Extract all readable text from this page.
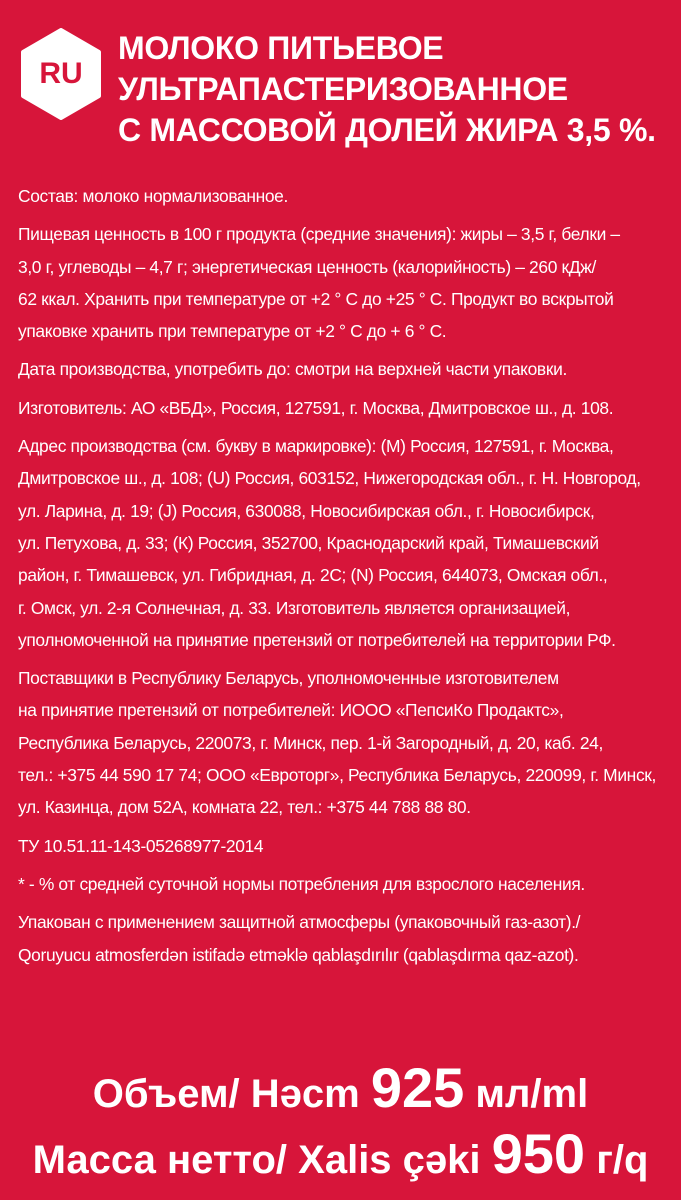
RU
МОЛОКО ПИТЬЕВОЕ
УЛЬТРАПАСТЕРИЗОВАННОЕ
С МАССОВОЙ ДОЛЕЙ ЖИРА 3,5 %.

Состав: молоко нормализованное.

Пищевая ценность в 100 г продукта (средние значения): жиры – 3,5 г, белки –
3,0 г, углеводы – 4,7 г; энергетическая ценность (калорийность) – 260 кДж/
62 ккал. Хранить при температуре от +2 ° С до +25 ° С. Продукт во вскрытой
упаковке хранить при температуре от +2 ° С до + 6 ° С.

Дата производства, употребить до: смотри на верхней части упаковки.

Изготовитель: АО «ВБД», Россия, 127591, г. Москва, Дмитровское ш., д. 108.

Адрес производства (см. букву в маркировке): (М) Россия, 127591, г. Москва,
Дмитровское ш., д. 108; (U) Россия, 603152, Нижегородская обл., г. Н. Новгород,
ул. Ларина, д. 19; (J) Россия, 630088, Новосибирская обл., г. Новосибирск,
ул. Петухова, д. 33; (К) Россия, 352700, Краснодарский край, Тимашевский
район, г. Тимашевск, ул. Гибридная, д. 2С; (N) Россия, 644073, Омская обл.,
г. Омск, ул. 2-я Солнечная, д. 33. Изготовитель является организацией,
уполномоченной на принятие претензий от потребителей на территории РФ.

Поставщики в Республику Беларусь, уполномоченные изготовителем
на принятие претензий от потребителей: ИООО «ПепсиКо Продактс»,
Республика Беларусь, 220073, г. Минск, пер. 1-й Загородный, д. 20, каб. 24,
тел.: +375 44 590 17 74; ООО «Евроторг», Республика Беларусь, 220099, г. Минск,
ул. Казинца, дом 52А, комната 22, тел.: +375 44 788 88 80.

ТУ 10.51.11-143-05268977-2014

* - % от средней суточной нормы потребления для взрослого населения.

Упакован с применением защитной атмосферы (упаковочный газ-азот)./
Qoruyucu atmosferdən istifadə etməklə qablaşdırılır (qablaşdırma qaz-azot).

Объем/ Həcm 925 мл/ml
Масса нетто/ Xalis çəki 950 г/q
